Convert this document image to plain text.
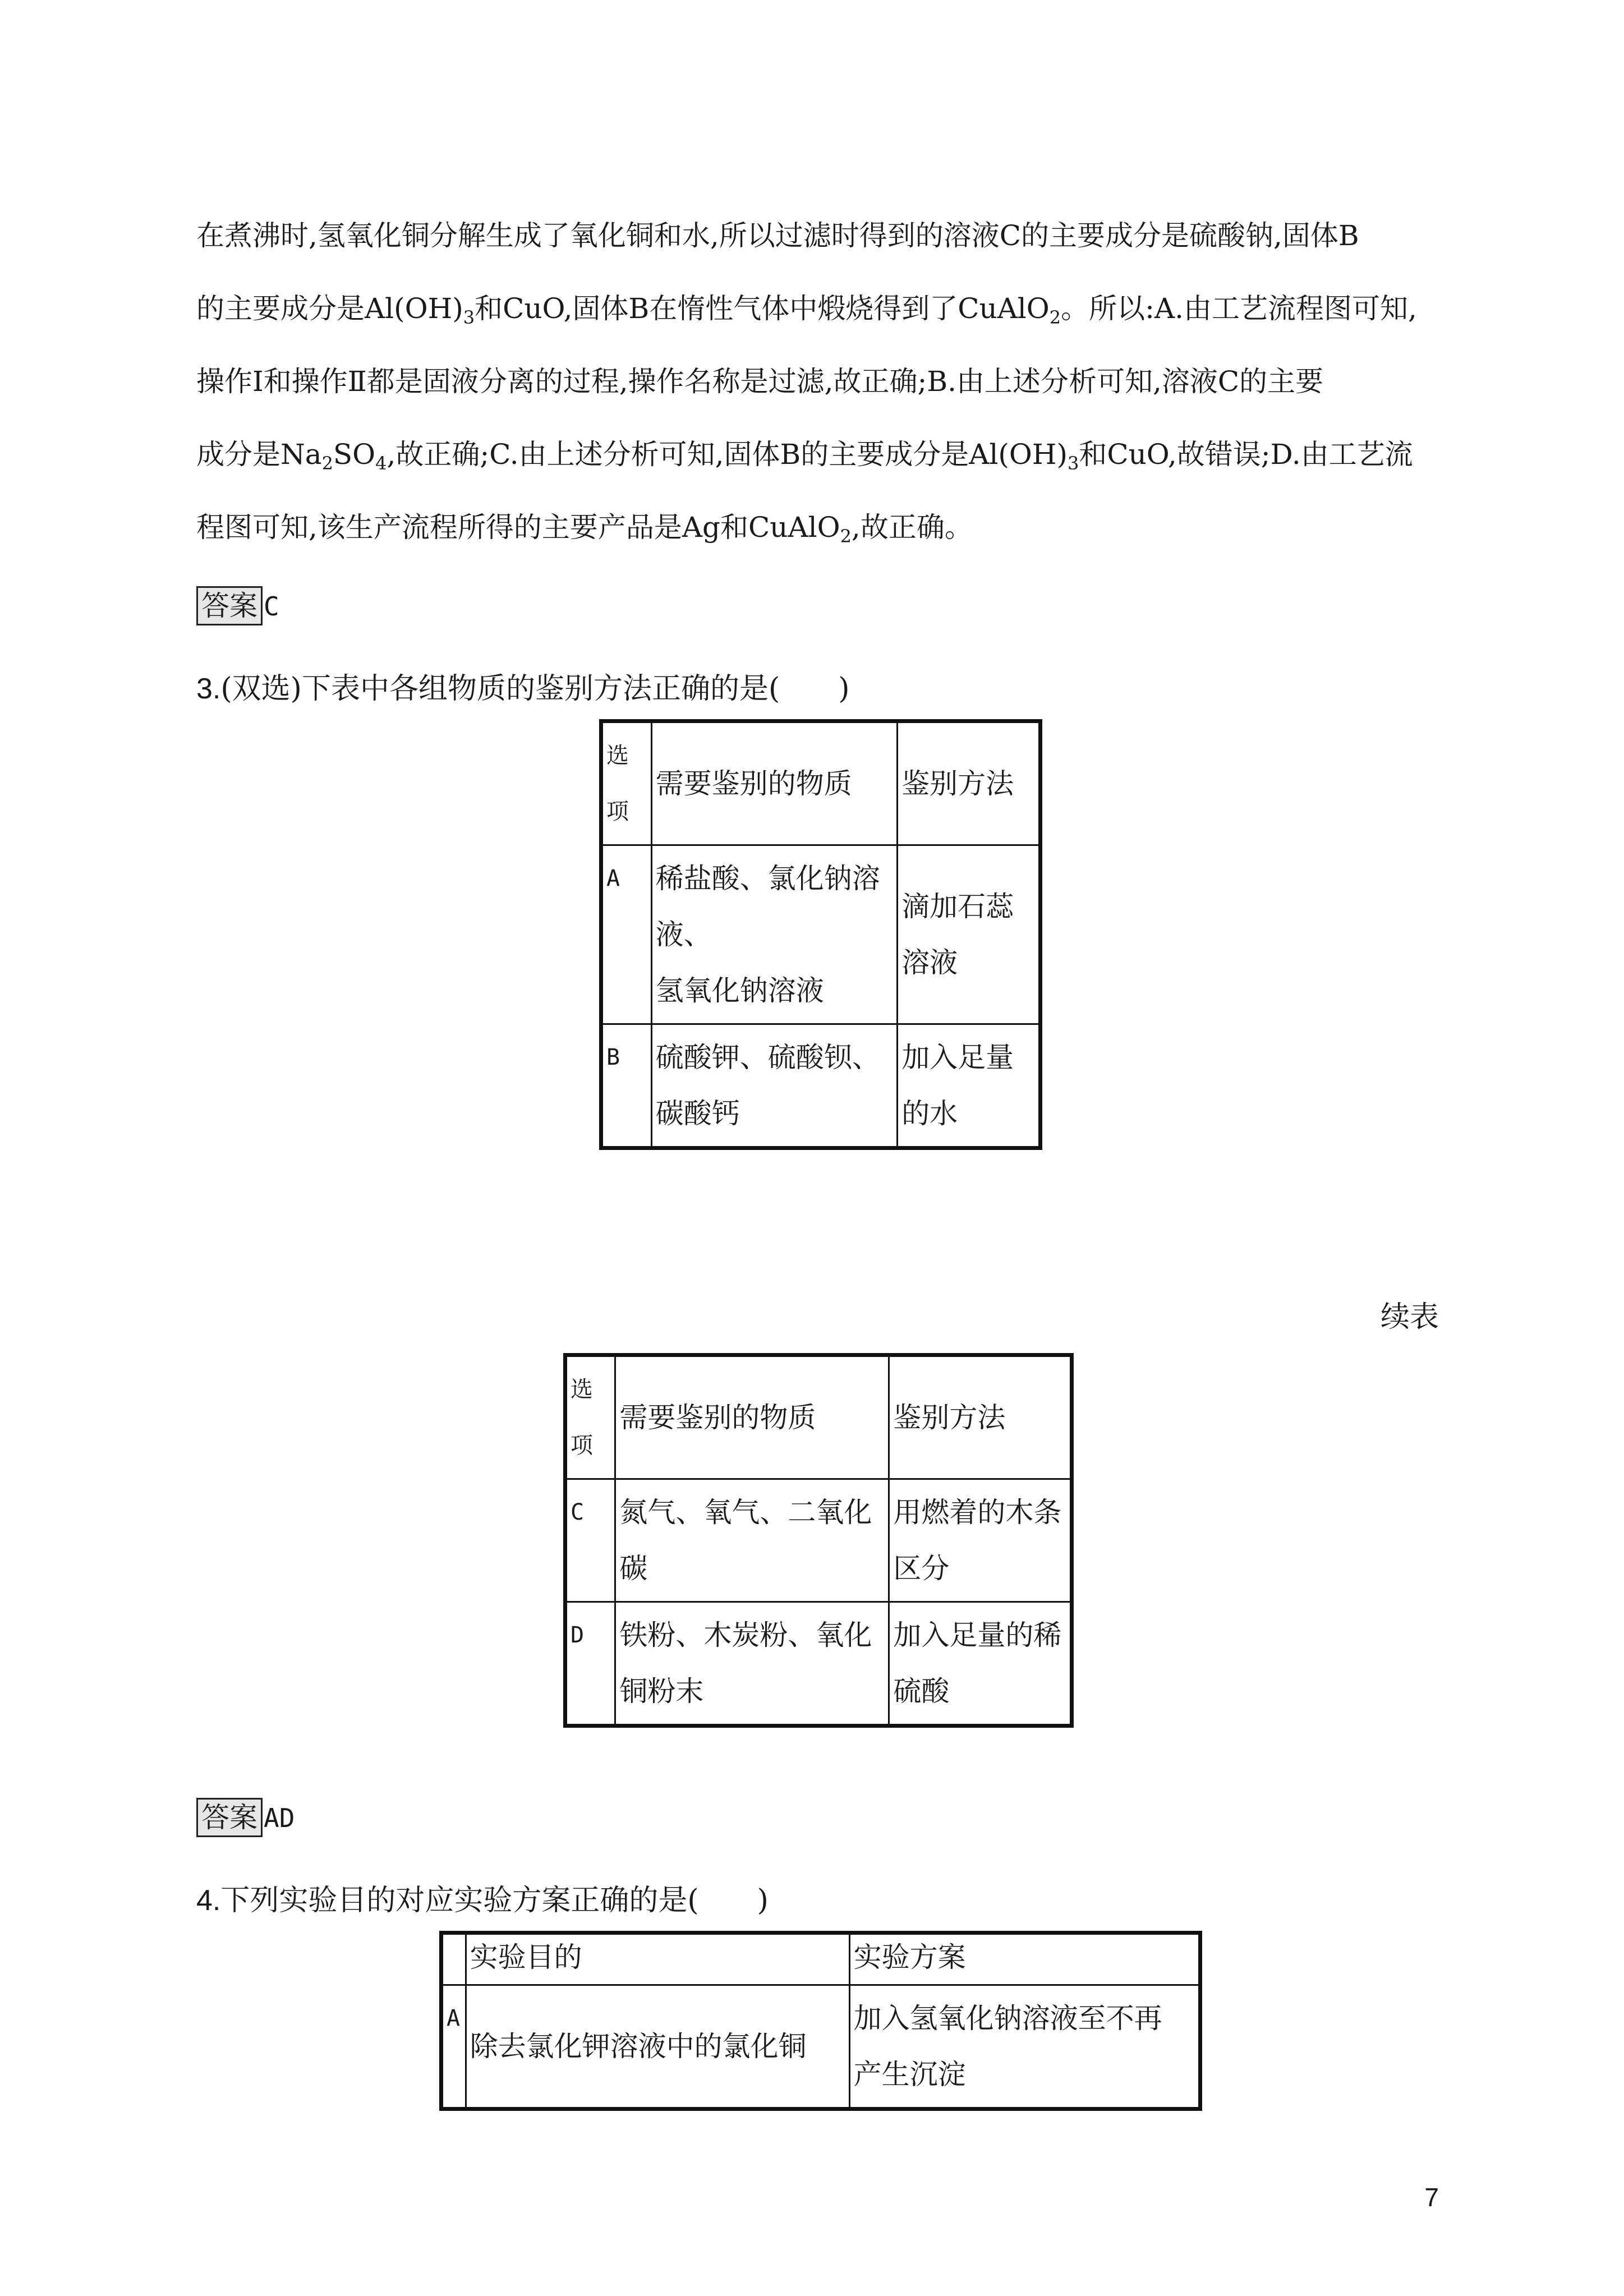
在煮沸时,氢氧化铜分解生成了氧化铜和水,所以过滤时得到的溶液C的主要成分是硫酸钠,固体B
的主要成分是$Al(OH)_3$和CuO,固体B在惰性气体中煅烧得到了CuAlO$_2$。所以:A.由工艺流程图可知,
操作Ⅰ和操作Ⅱ都是固液分离的过程,操作名称是过滤,故正确;B.由上述分析可知,溶液C的主要
成分是$Na_2SO_4$,故正确;C.由上述分析可知,固体B的主要成分是$Al(OH)_3$和CuO,故错误;D.由工艺流
程图可知,该生产流程所得的主要产品是Ag和CuAlO$_2$,故正确。
答案 C
3.(双选)下表中各组物质的鉴别方法正确的是(　　)
选项	需要鉴别的物质	鉴别方法
A	稀盐酸、氯化钠溶
液、
氢氧化钠溶液	滴加石蕊
溶液
B	硫酸钾、硫酸钡、
碳酸钙	加入足量
的水
续表
选项	需要鉴别的物质	鉴别方法
C	氮气、氧气、二氧化
碳	用燃着的木条
区分
D	铁粉、木炭粉、氧化
铜粉末	加入足量的稀
硫酸
答案 AD
4.下列实验目的对应实验方案正确的是(　　)
	实验目的	实验方案
A	除去氯化钾溶液中的氯化铜	加入氢氧化钠溶液至不再
产生沉淀
7
